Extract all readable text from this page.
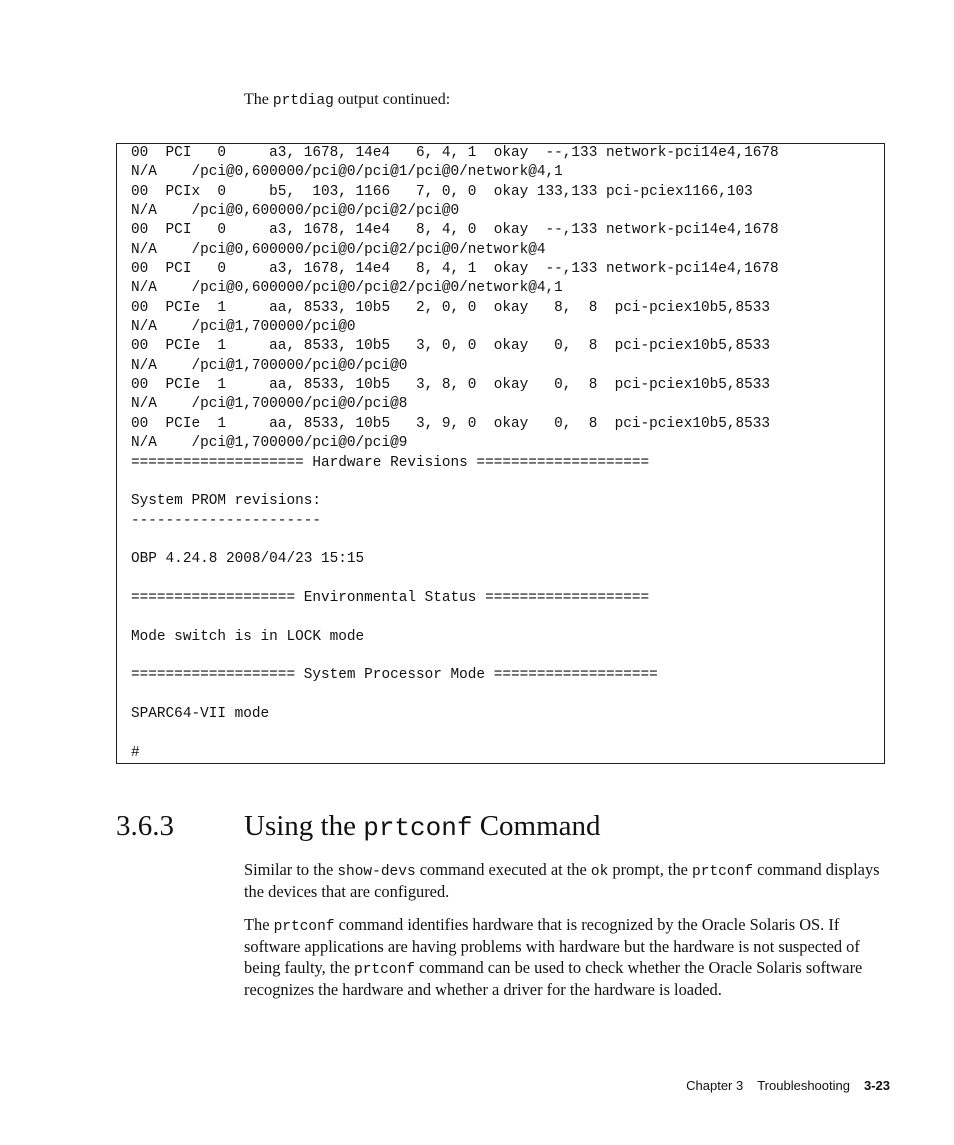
The prtdiag output continued:
00  PCI   0     a3, 1678, 14e4   6, 4, 1  okay  --,133 network-pci14e4,1678
N/A    /pci@0,600000/pci@0/pci@1/pci@0/network@4,1
00  PCIx  0     b5,  103, 1166   7, 0, 0  okay 133,133 pci-pciex1166,103
N/A    /pci@0,600000/pci@0/pci@2/pci@0
00  PCI   0     a3, 1678, 14e4   8, 4, 0  okay  --,133 network-pci14e4,1678
N/A    /pci@0,600000/pci@0/pci@2/pci@0/network@4
00  PCI   0     a3, 1678, 14e4   8, 4, 1  okay  --,133 network-pci14e4,1678
N/A    /pci@0,600000/pci@0/pci@2/pci@0/network@4,1
00  PCIe  1     aa, 8533, 10b5   2, 0, 0  okay   8,  8  pci-pciex10b5,8533
N/A    /pci@1,700000/pci@0
00  PCIe  1     aa, 8533, 10b5   3, 0, 0  okay   0,  8  pci-pciex10b5,8533
N/A    /pci@1,700000/pci@0/pci@0
00  PCIe  1     aa, 8533, 10b5   3, 8, 0  okay   0,  8  pci-pciex10b5,8533
N/A    /pci@1,700000/pci@0/pci@8
00  PCIe  1     aa, 8533, 10b5   3, 9, 0  okay   0,  8  pci-pciex10b5,8533
N/A    /pci@1,700000/pci@0/pci@9
==================== Hardware Revisions ====================

System PROM revisions:
----------------------

OBP 4.24.8 2008/04/23 15:15

=================== Environmental Status ===================

Mode switch is in LOCK mode

=================== System Processor Mode ===================

SPARC64-VII mode

#

3.6.3 Using the prtconf Command

Similar to the show-devs command executed at the ok prompt, the prtconf command displays the devices that are configured.

The prtconf command identifies hardware that is recognized by the Oracle Solaris OS. If software applications are having problems with hardware but the hardware is not suspected of being faulty, the prtconf command can be used to check whether the Oracle Solaris software recognizes the hardware and whether a driver for the hardware is loaded.

Chapter 3 Troubleshooting 3-23
